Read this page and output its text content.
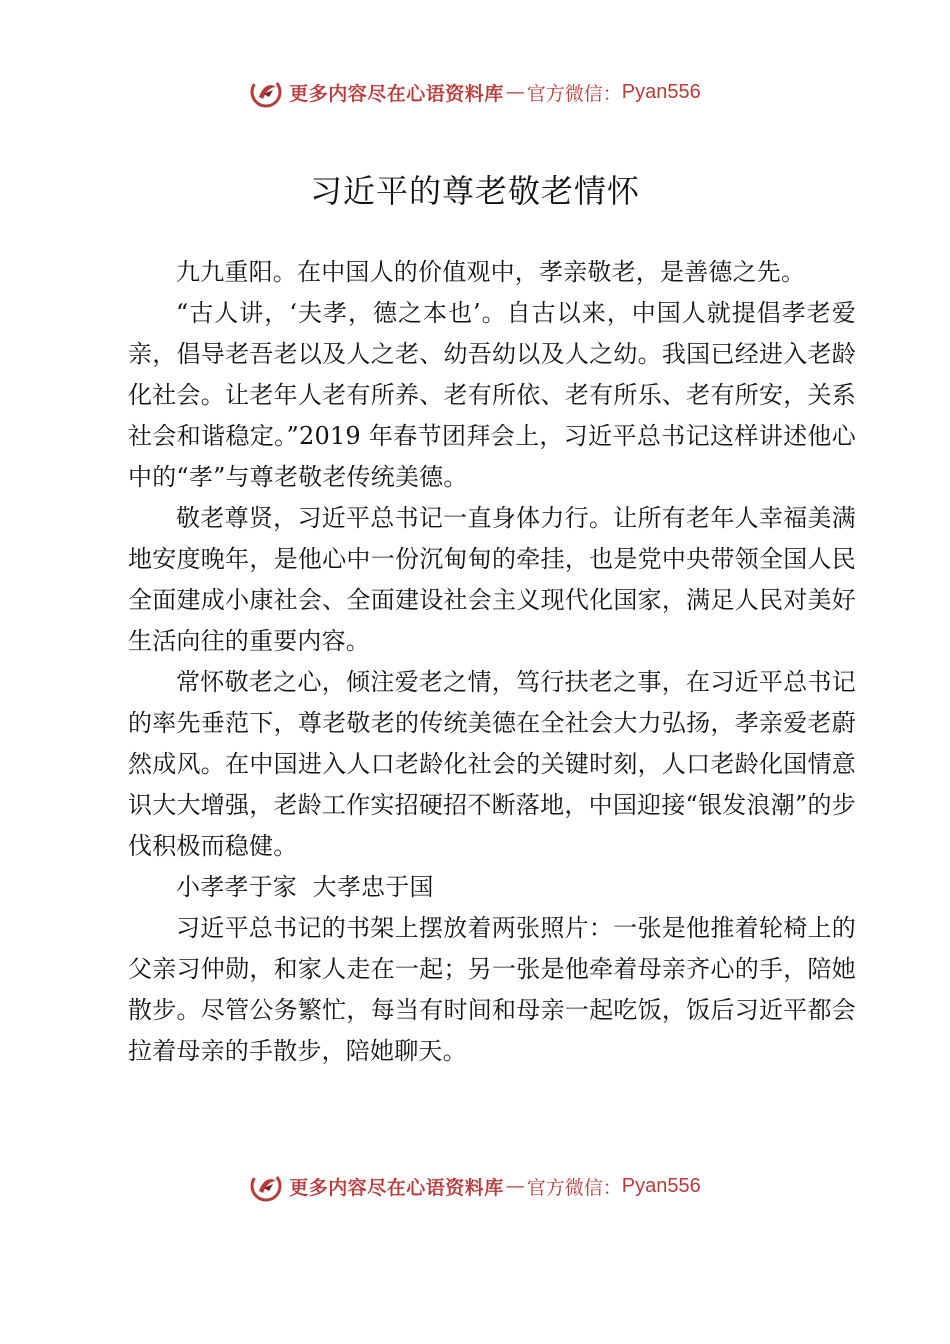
更多内容尽在心语资料库 — 官方微信： Pyan556
习近平的尊老敬老情怀

九九重阳。在中国人的价值观中，孝亲敬老，是善德之先。

“古人讲，‘夫孝，德之本也’。自古以来，中国人就提倡孝老爱亲，倡导老吾老以及人之老、幼吾幼以及人之幼。我国已经进入老龄化社会。让老年人老有所养、老有所依、老有所乐、老有所安，关系社会和谐稳定。”2019 年春节团拜会上，习近平总书记这样讲述他心中的“孝”与尊老敬老传统美德。

敬老尊贤，习近平总书记一直身体力行。让所有老年人幸福美满地安度晚年，是他心中一份沉甸甸的牵挂，也是党中央带领全国人民全面建成小康社会、全面建设社会主义现代化国家，满足人民对美好生活向往的重要内容。

常怀敬老之心，倾注爱老之情，笃行扶老之事，在习近平总书记的率先垂范下，尊老敬老的传统美德在全社会大力弘扬，孝亲爱老蔚然成风。在中国进入人口老龄化社会的关键时刻，人口老龄化国情意识大大增强，老龄工作实招硬招不断落地，中国迎接“银发浪潮”的步伐积极而稳健。

小孝孝于家  大孝忠于国

习近平总书记的书架上摆放着两张照片：一张是他推着轮椅上的父亲习仲勋，和家人走在一起；另一张是他牵着母亲齐心的手，陪她散步。尽管公务繁忙，每当有时间和母亲一起吃饭，饭后习近平都会拉着母亲的手散步，陪她聊天。

更多内容尽在心语资料库 — 官方微信： Pyan556
